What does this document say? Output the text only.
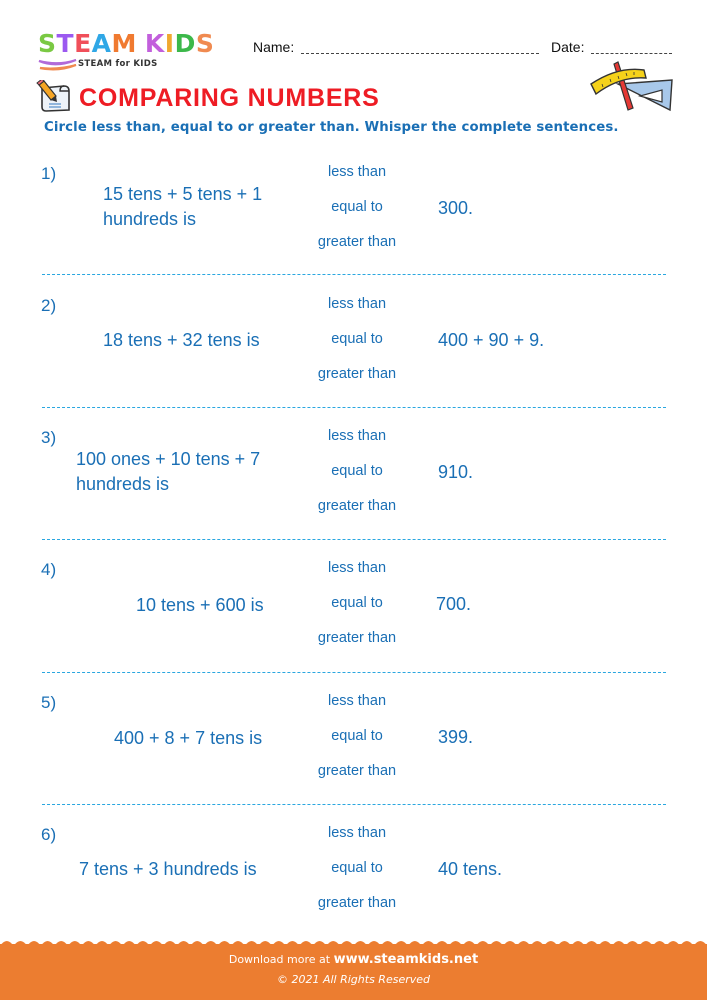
STEAM KIDS
STEAM for KIDS
Name:	Date:
COMPARING NUMBERS
Circle less than, equal to or greater than. Whisper the complete sentences.
1)
15 tens + 5 tens + 1
hundreds is
less than
equal to
greater than
300.
2)
18 tens + 32 tens is
less than
equal to
greater than
400 + 90 + 9.
3)
100 ones + 10 tens + 7
hundreds is
less than
equal to
greater than
910.
4)
10 tens + 600 is
less than
equal to
greater than
700.
5)
400 + 8 + 7 tens is
less than
equal to
greater than
399.
6)
7 tens + 3 hundreds is
less than
equal to
greater than
40 tens.
Download more at www.steamkids.net
© 2021 All Rights Reserved
